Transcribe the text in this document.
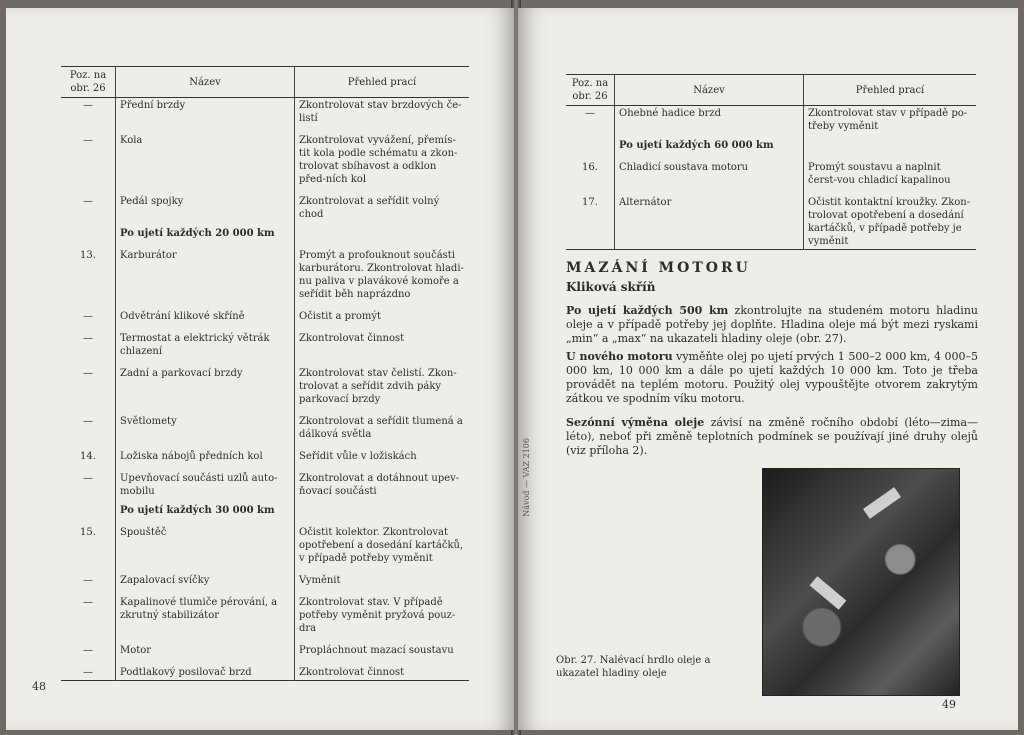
Poz. na obr. 26	Název	Přehled prací
—	Přední brzdy	Zkontrolovat stav brzdových če-listí
—	Kola	Zkontrolovat vyvážení, přemís-tit kola podle schématu a zkon-trolovat sbíhavost a odklon před-ních kol
—	Pedál spojky	Zkontrolovat a seřídit volný chod
	Po ujetí každých 20 000 km	
13.	Karburátor	Promýt a profouknout součásti karburátoru. Zkontrolovat hladi-nu paliva v plavákové komoře a seřídit běh naprázdno
—	Odvětrání klikové skříně	Očistit a promýt
—	Termostat a elektrický větrák chlazení	Zkontrolovat činnost
—	Zadní a parkovací brzdy	Zkontrolovat stav čelistí. Zkon-trolovat a seřídit zdvih páky parkovací brzdy
—	Světlomety	Zkontrolovat a seřídit tlumená a dálková světla
14.	Ložiska nábojů předních kol	Seřídit vůle v ložiskách
—	Upevňovací součásti uzlů auto-mobilu	Zkontrolovat a dotáhnout upev-ňovací součásti
	Po ujetí každých 30 000 km	
15.	Spouštěč	Očistit kolektor. Zkontrolovat opotřebení a dosedání kartáčků, v případě potřeby vyměnit
—	Zapalovací svíčky	Vyměnit
—	Kapalinové tlumiče pérování, a zkrutný stabilizátor	Zkontrolovat stav. V případě potřeby vyměnit pryžová pouz-dra
—	Motor	Propláchnout mazací soustavu
—	Podtlakový posilovač brzd	Zkontrolovat činnost
48
Návod — VAZ 2106
Poz. na obr. 26	Název	Přehled prací
—	Ohebné hadice brzd	Zkontrolovat stav v případě po-třeby vyměnit
	Po ujetí každých 60 000 km	
16.	Chladicí soustava motoru	Promýt soustavu a naplnit čerst-vou chladicí kapalinou
17.	Alternátor	Očistit kontaktní kroužky. Zkon-trolovat opotřebení a dosedání kartáčků, v případě potřeby je vyměnit
MAZÁNÍ MOTORU
Kliková skříň

Po ujetí každých 500 km zkontrolujte na studeném motoru hladinu oleje a v případě potřeby jej doplňte. Hladina oleje má být mezi ryskami „min“ a „max“ na ukazateli hladiny oleje (obr. 27).

U nového motoru vyměňte olej po ujetí prvých 1 500–2 000 km, 4 000–5 000 km, 10 000 km a dále po ujetí každých 10 000 km. Toto je třeba provádět na teplém motoru. Použitý olej vypouštějte otvorem zakrytým zátkou ve spodním víku motoru.

Sezónní výměna oleje závisí na změně ročního období (léto—zima—léto), neboť při změně teplotních podmínek se používají jiné druhy olejů (viz příloha 2).

Obr. 27. Nalévací hrdlo oleje a ukazatel hladiny oleje

49
